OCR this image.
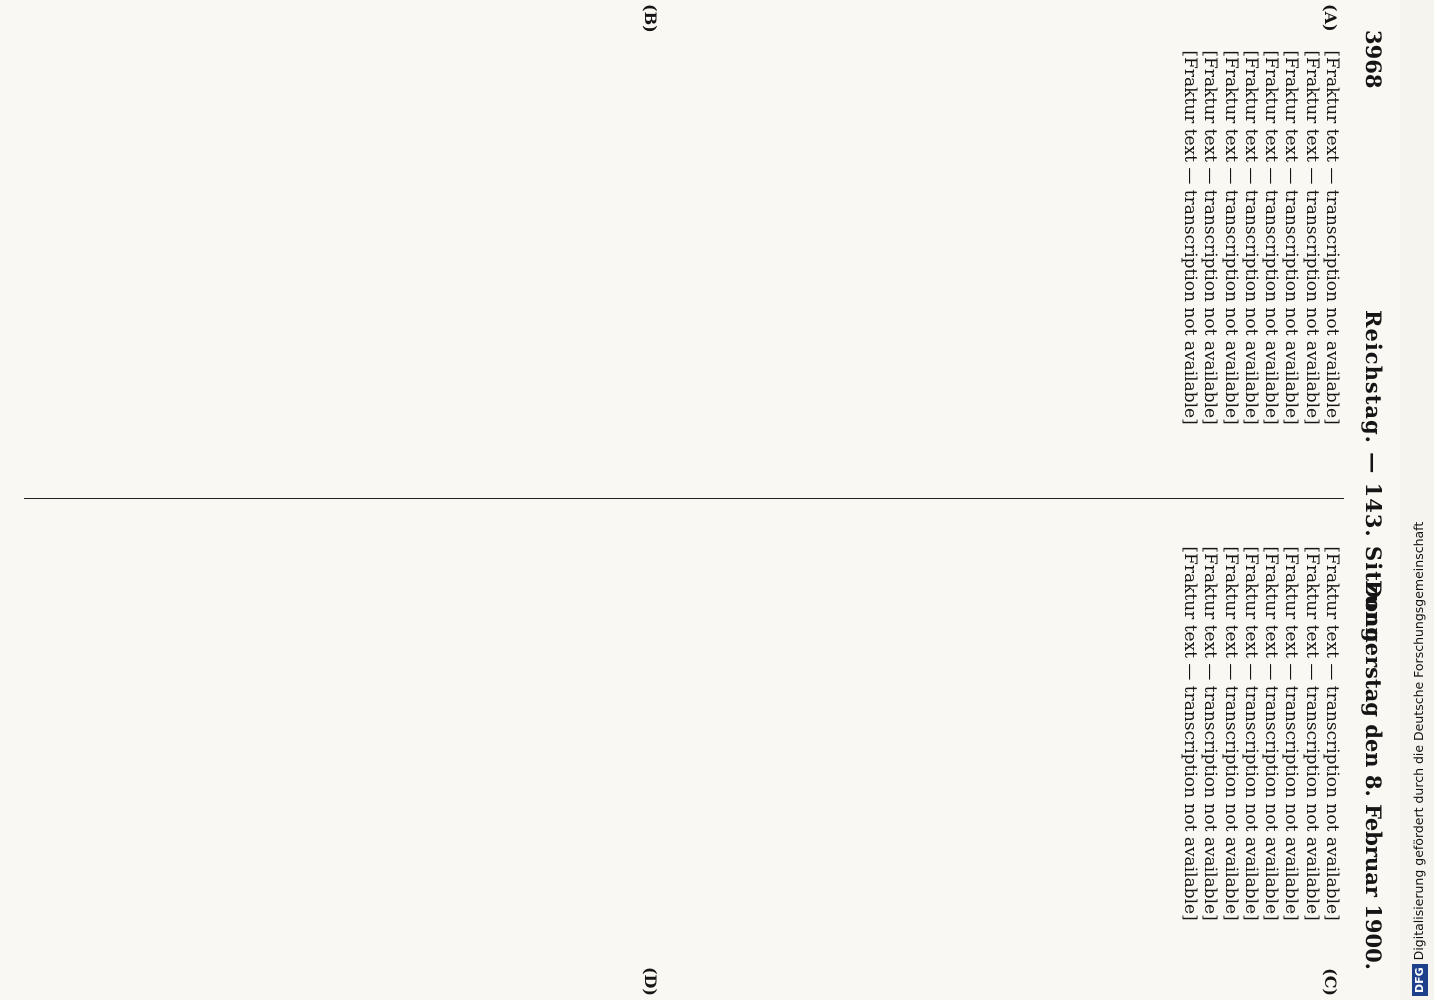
3968
Reichstag. — 143. Sitzung.
Donnerstag den 8. Februar 1900.
(A)
(B)
(C)
(D)

[Fraktur text — transcription not available]

[Fraktur text — transcription not available]

[Fraktur text — transcription not available]

[Fraktur text — transcription not available]

[Fraktur text — transcription not available]

[Fraktur text — transcription not available]

[Fraktur text — transcription not available]

[Fraktur text — transcription not available]

[Fraktur text — transcription not available]

[Fraktur text — transcription not available]

[Fraktur text — transcription not available]

[Fraktur text — transcription not available]

[Fraktur text — transcription not available]

[Fraktur text — transcription not available]

[Fraktur text — transcription not available]

[Fraktur text — transcription not available]

DFGDigitalisierung gefördert durch die Deutsche Forschungsgemeinschaft
